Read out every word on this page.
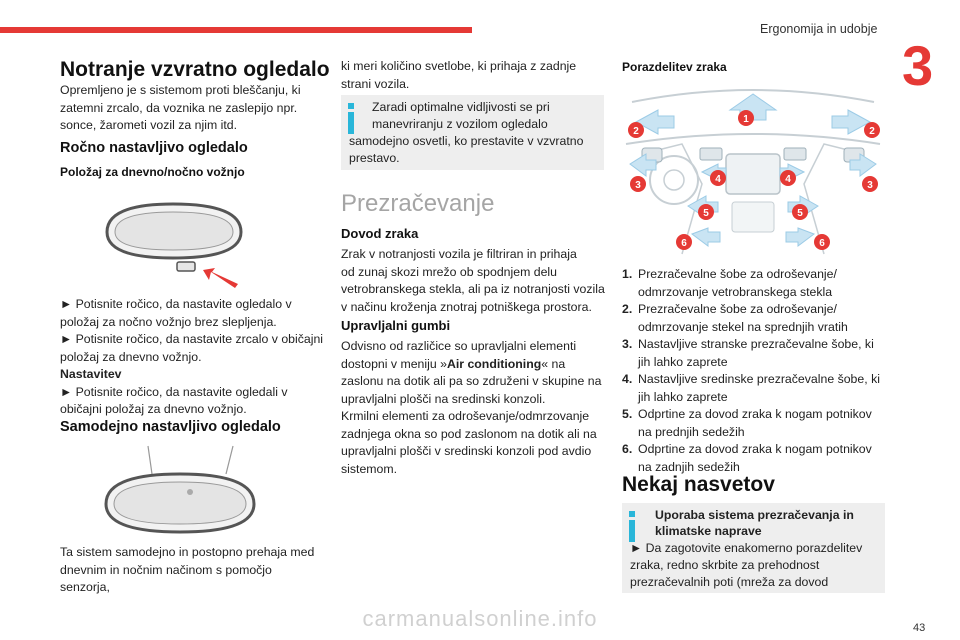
Ergonomija in udobje
3
Notranje vzvratno ogledalo
Opremljeno je s sistemom proti bleščanju, ki
zatemni zrcalo, da voznika ne zaslepijo npr.
sonce, žarometi vozil za njim itd.
Ročno nastavljivo ogledalo
Položaj za dnevno/nočno vožnjo
► Potisnite ročico, da nastavite ogledalo v
položaj za nočno vožnjo brez slepljenja.
► Potisnite ročico, da nastavite zrcalo v običajni
položaj za dnevno vožnjo.
Nastavitev
► Potisnite ročico, da nastavite ogledali v
običajni položaj za dnevno vožnjo.
Samodejno nastavljivo ogledalo
Ta sistem samodejno in postopno prehaja med
dnevnim in nočnim načinom s pomočjo senzorja,
ki meri količino svetlobe, ki prihaja z zadnje
strani vozila.
Zaradi optimalne vidljivosti se pri
manevriranju z vozilom ogledalo
samodejno osvetli, ko prestavite v vzvratno
prestavo.
Prezračevanje
Dovod zraka
Zrak v notranjosti vozila je filtriran in prihaja
od zunaj skozi mrežo ob spodnjem delu
vetrobranskega stekla, ali pa iz notranjosti vozila
v načinu kroženja znotraj potniškega prostora.
Upravljalni gumbi
Odvisno od različice so upravljalni elementi
dostopni v meniju »Air conditioning« na
zaslonu na dotik ali pa so združeni v skupine na
upravljalni plošči na sredinski konzoli.
Krmilni elementi za odroševanje/odmrzovanje
zadnjega okna so pod zaslonom na dotik ali na
upravljalni plošči v sredinski konzoli pod avdio
sistemom.
Porazdelitev zraka
1
2	2
3	3
4	4
5	5
6	6
1. Prezračevalne šobe za odroševanje/
odmrzovanje vetrobranskega stekla
2. Prezračevalne šobe za odroševanje/
odmrzovanje stekel na sprednjih vratih
3. Nastavljive stranske prezračevalne šobe, ki
jih lahko zaprete
4. Nastavljive sredinske prezračevalne šobe, ki
jih lahko zaprete
5. Odprtine za dovod zraka k nogam potnikov
na prednjih sedežih
6. Odprtine za dovod zraka k nogam potnikov
na zadnjih sedežih
Nekaj nasvetov
Uporaba sistema prezračevanja in
klimatske naprave
► Da zagotovite enakomerno porazdelitev
zraka, redno skrbite za prehodnost
prezračevalnih poti (mreža za dovod
carmanualsonline.info	43
